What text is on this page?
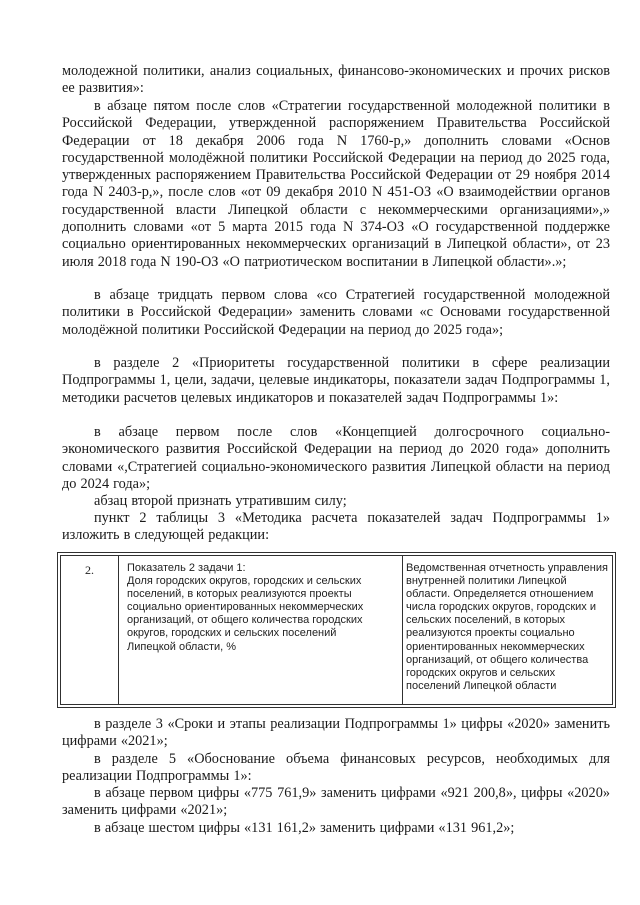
молодежной политики, анализ социальных, финансово-экономических и прочих рисков ее развития»:

в абзаце пятом после слов «Стратегии государственной молодежной политики в Российской Федерации, утвержденной распоряжением Правительства Российской Федерации от 18 декабря 2006 года N 1760-р,» дополнить словами «Основ государственной молодёжной политики Российской Федерации на период до 2025 года, утвержденных распоряжением Правительства Российской Федерации от 29 ноября 2014 года N 2403-р,», после слов «от 09 декабря 2010 N 451-ОЗ «О взаимодействии органов государственной власти Липецкой области с некоммерческими организациями»,» дополнить словами «от 5 марта 2015 года N 374-ОЗ «О государственной поддержке социально ориентированных некоммерческих организаций в Липецкой области», от 23 июля 2018 года N 190-ОЗ «О патриотическом воспитании в Липецкой области».»;

в абзаце тридцать первом слова «со Стратегией государственной молодежной политики в Российской Федерации» заменить словами «с Основами государственной молодёжной политики Российской Федерации на период до 2025 года»;

в разделе 2 «Приоритеты государственной политики в сфере реализации Подпрограммы 1, цели, задачи, целевые индикаторы, показатели задач Подпрограммы 1, методики расчетов целевых индикаторов и показателей задач Подпрограммы 1»:

в абзаце первом после слов «Концепцией долгосрочного социально-экономического развития Российской Федерации на период до 2020 года» дополнить словами «,Стратегией социально-экономического развития Липецкой области на период до 2024 года»;

абзац второй признать утратившим силу;

пункт 2 таблицы 3 «Методика расчета показателей задач Подпрограммы 1» изложить в следующей редакции:

2.	Показатель 2 задачи 1:
Доля городских округов, городских и сельских
поселений, в которых реализуются проекты
социально ориентированных некоммерческих
организаций, от общего количества городских
округов, городских и сельских поселений
Липецкой области, %
Ведомственная отчетность управления
внутренней политики Липецкой
области. Определяется отношением
числа городских округов, городских и
сельских поселений, в которых
реализуются проекты социально
ориентированных некоммерческих
организаций, от общего количества
городских округов и сельских
поселений Липецкой области

в разделе 3 «Сроки и этапы реализации Подпрограммы 1» цифры «2020» заменить цифрами «2021»;

в разделе 5 «Обоснование объема финансовых ресурсов, необходимых для реализации Подпрограммы 1»:

в абзаце первом цифры «775 761,9» заменить цифрами «921 200,8», цифры «2020» заменить цифрами «2021»;

в абзаце шестом цифры «131 161,2» заменить цифрами «131 961,2»;
